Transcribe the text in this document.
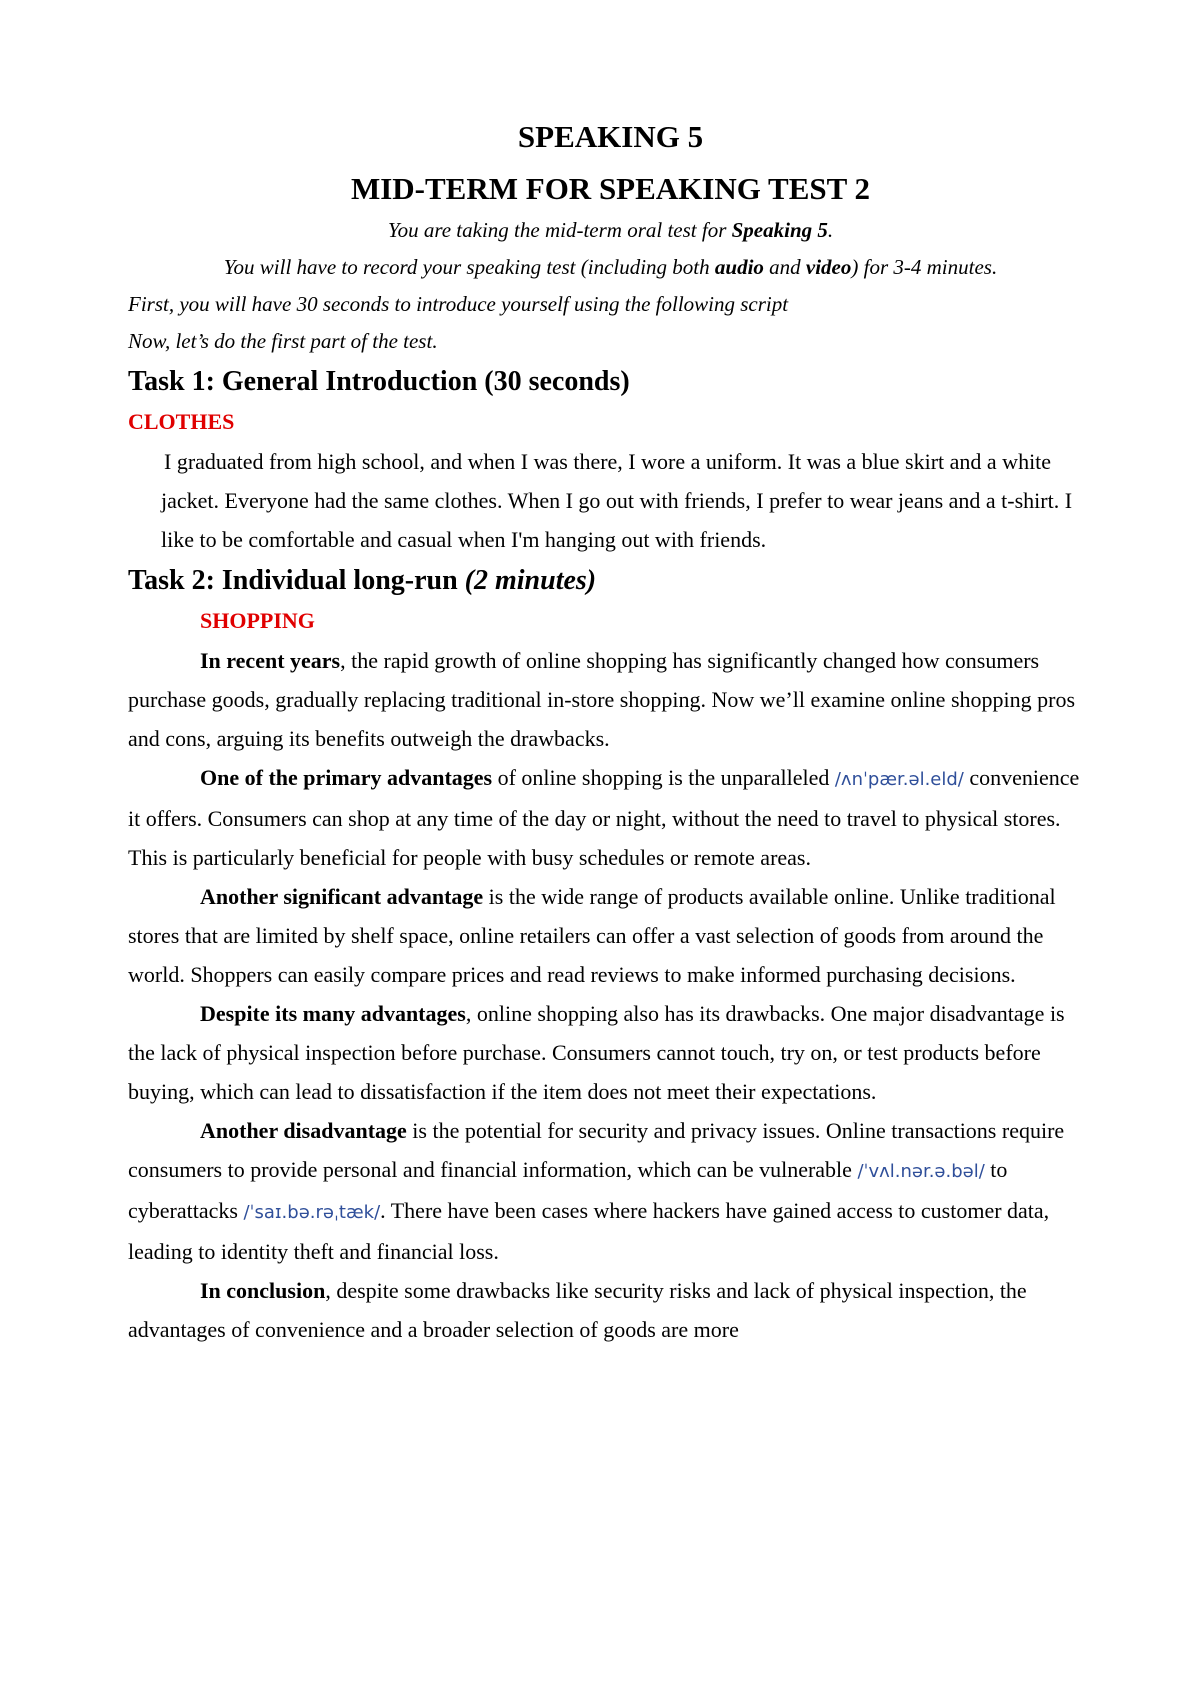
SPEAKING 5
MID-TERM FOR SPEAKING TEST 2

You are taking the mid-term oral test for Speaking 5.

You will have to record your speaking test (including both audio and video) for 3-4 minutes.

First, you will have 30 seconds to introduce yourself using the following script

Now, let’s do the first part of the test.

Task 1: General Introduction (30 seconds)

CLOTHES

I graduated from high school, and when I was there, I wore a uniform. It was a blue skirt and a white jacket. Everyone had the same clothes. When I go out with friends, I prefer to wear jeans and a t-shirt. I like to be comfortable and casual when I'm hanging out with friends.

Task 2: Individual long-run (2 minutes)

SHOPPING

In recent years, the rapid growth of online shopping has significantly changed how consumers purchase goods, gradually replacing traditional in-store shopping. Now we’ll examine online shopping pros and cons, arguing its benefits outweigh the drawbacks.

One of the primary advantages of online shopping is the unparalleled /ʌnˈpær.əl.eld/ convenience it offers. Consumers can shop at any time of the day or night, without the need to travel to physical stores. This is particularly beneficial for people with busy schedules or remote areas.

Another significant advantage is the wide range of products available online. Unlike traditional stores that are limited by shelf space, online retailers can offer a vast selection of goods from around the world. Shoppers can easily compare prices and read reviews to make informed purchasing decisions.

Despite its many advantages, online shopping also has its drawbacks. One major disadvantage is the lack of physical inspection before purchase. Consumers cannot touch, try on, or test products before buying, which can lead to dissatisfaction if the item does not meet their expectations.

Another disadvantage is the potential for security and privacy issues. Online transactions require consumers to provide personal and financial information, which can be vulnerable /ˈvʌl.nər.ə.bəl/ to cyberattacks /ˈsaɪ.bə.rəˌtæk/. There have been cases where hackers have gained access to customer data, leading to identity theft and financial loss.

In conclusion, despite some drawbacks like security risks and lack of physical inspection, the advantages of convenience and a broader selection of goods are more
